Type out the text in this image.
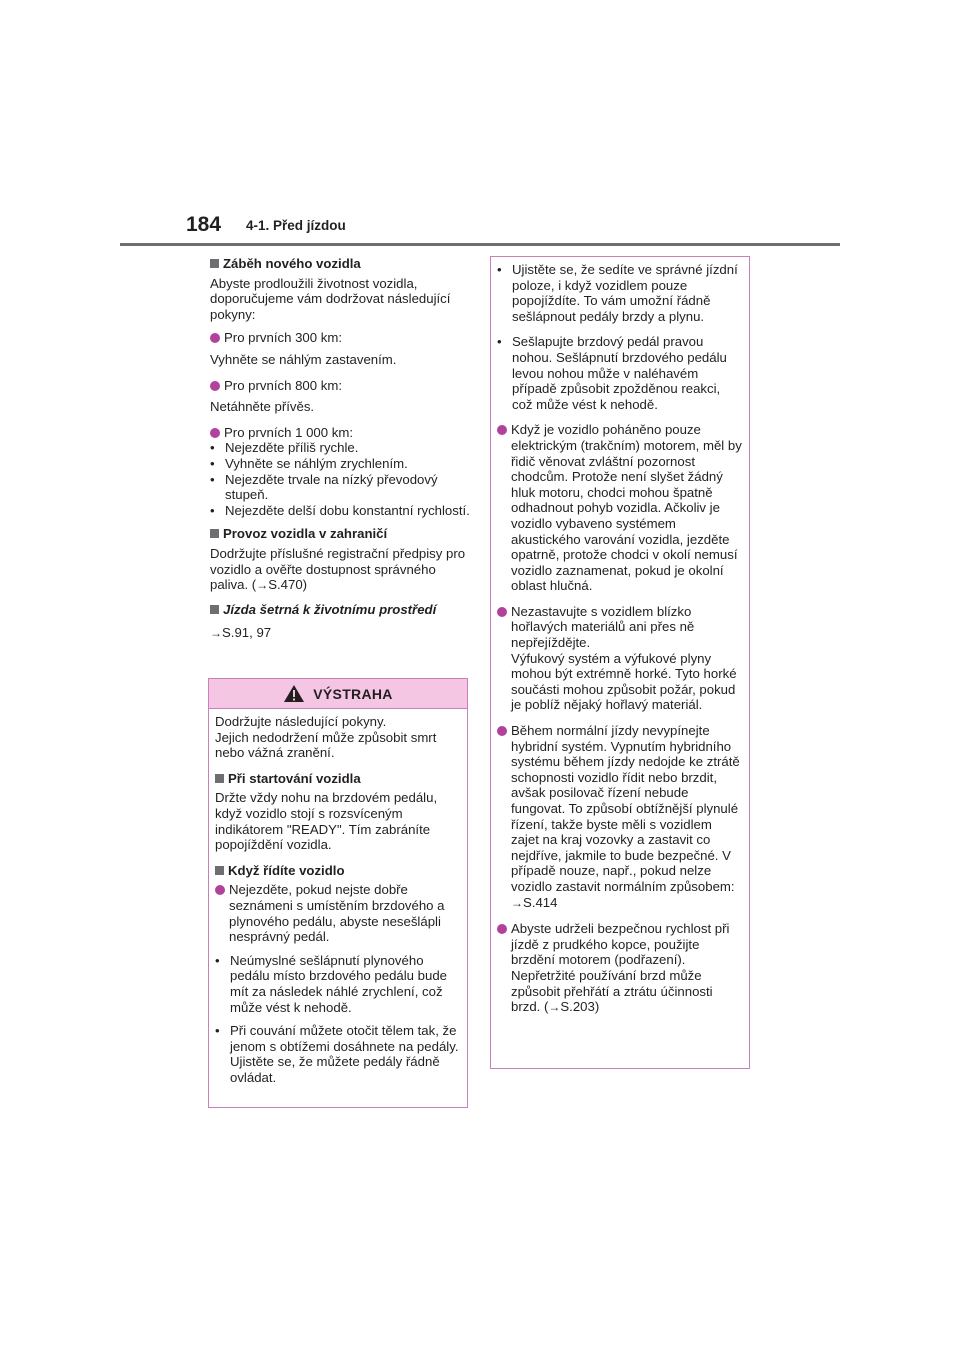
184 4-1. Před jízdou

Záběh nového vozidla

Abyste prodloužili životnost vozidla, doporučujeme vám dodržovat následující pokyny:

Pro prvních 300 km:

Vyhněte se náhlým zastavením.

Pro prvních 800 km:

Netáhněte přívěs.

Pro prvních 1 000 km:

• Nejezděte příliš rychle.

• Vyhněte se náhlým zrychlením.

• Nejezděte trvale na nízký převodový stupeň.

• Nejezděte delší dobu konstantní rychlostí.

Provoz vozidla v zahraničí

Dodržujte příslušné registrační předpisy pro vozidlo a ověřte dostupnost správného paliva. (→S.470)

Jízda šetrná k životnímu prostředí

→S.91, 97

VÝSTRAHA

Dodržujte následující pokyny.

Jejich nedodržení může způsobit smrt nebo vážná zranění.

Při startování vozidla

Držte vždy nohu na brzdovém pedálu, když vozidlo stojí s rozsvíceným indikátorem "READY". Tím zabráníte popojíždění vozidla.

Když řídíte vozidlo

Nejezděte, pokud nejste dobře seznámeni s umístěním brzdového a plynového pedálu, abyste nesešlápli nesprávný pedál.

• Neúmyslné sešlápnutí plynového pedálu místo brzdového pedálu bude mít za následek náhlé zrychlení, což může vést k nehodě.

• Při couvání můžete otočit tělem tak, že jenom s obtížemi dosáhnete na pedály. Ujistěte se, že můžete pedály řádně ovládat.

• Ujistěte se, že sedíte ve správné jízdní poloze, i když vozidlem pouze popojíždíte. To vám umožní řádně sešlápnout pedály brzdy a plynu.

• Sešlapujte brzdový pedál pravou nohou. Sešlápnutí brzdového pedálu levou nohou může v naléhavém případě způsobit zpožděnou reakci, což může vést k nehodě.

Když je vozidlo poháněno pouze elektrickým (trakčním) motorem, měl by řidič věnovat zvláštní pozornost chodcům. Protože není slyšet žádný hluk motoru, chodci mohou špatně odhadnout pohyb vozidla. Ačkoliv je vozidlo vybaveno systémem akustického varování vozidla, jezděte opatrně, protože chodci v okolí nemusí vozidlo zaznamenat, pokud je okolní oblast hlučná.

Nezastavujte s vozidlem blízko hořlavých materiálů ani přes ně nepřejíždějte.

Výfukový systém a výfukové plyny mohou být extrémně horké. Tyto horké součásti mohou způsobit požár, pokud je poblíž nějaký hořlavý materiál.

Během normální jízdy nevypínejte hybridní systém. Vypnutím hybridního systému během jízdy nedojde ke ztrátě schopnosti vozidlo řídit nebo brzdit, avšak posilovač řízení nebude fungovat. To způsobí obtížnější plynulé řízení, takže byste měli s vozidlem zajet na kraj vozovky a zastavit co nejdříve, jakmile to bude bezpečné. V případě nouze, např., pokud nelze vozidlo zastavit normálním způsobem: →S.414

Abyste udrželi bezpečnou rychlost při jízdě z prudkého kopce, použijte brzdění motorem (podřazení). Nepřetržité používání brzd může způsobit přehřátí a ztrátu účinnosti brzd. (→S.203)
